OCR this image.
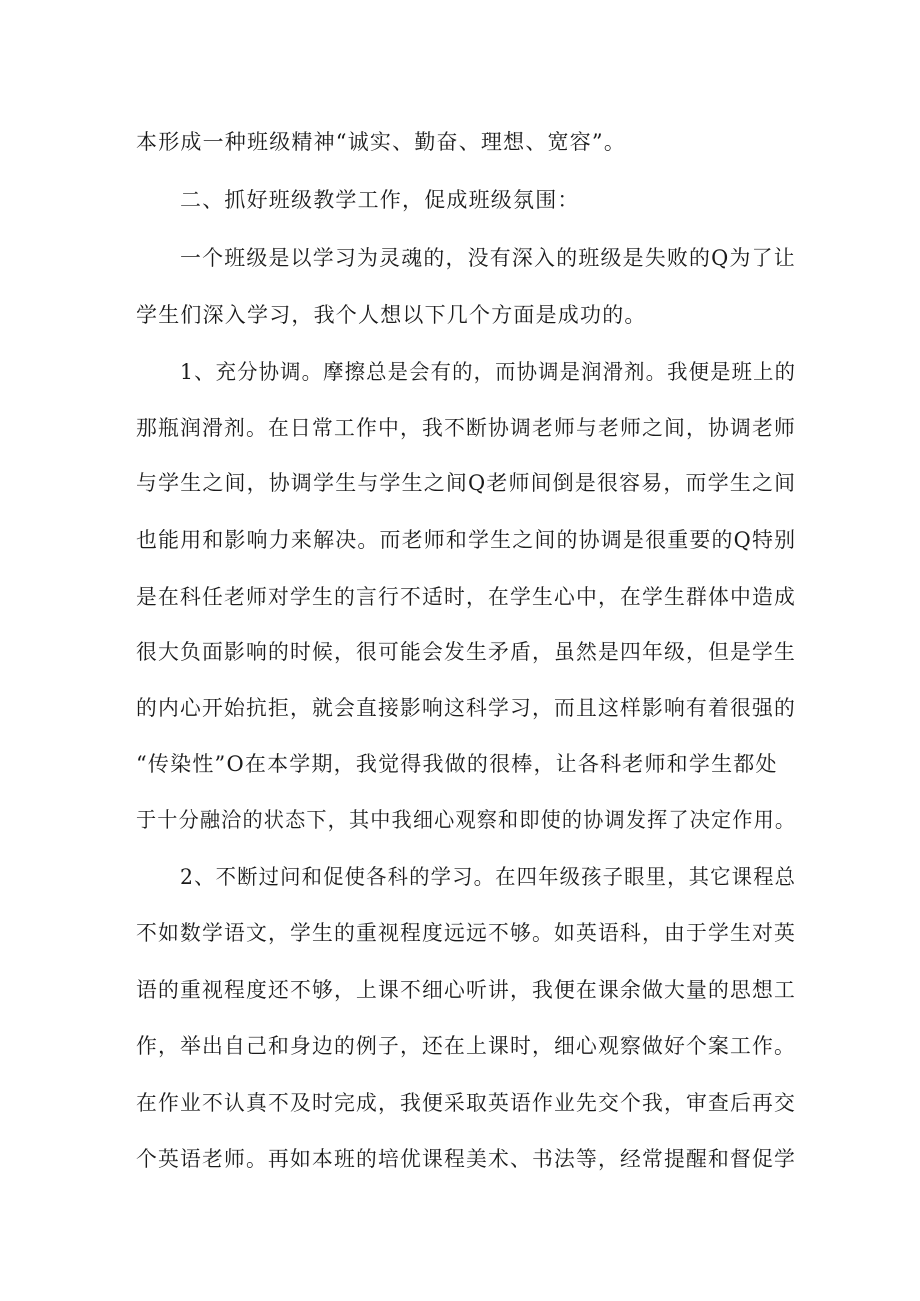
本形成一种班级精神“诚实、勤奋、理想、宽容”。
二、抓好班级教学工作，促成班级氛围：
一个班级是以学习为灵魂的，没有深入的班级是失败的Q为了让
学生们深入学习，我个人想以下几个方面是成功的。
1、充分协调。摩擦总是会有的，而协调是润滑剂。我便是班上的
那瓶润滑剂。在日常工作中，我不断协调老师与老师之间，协调老师
与学生之间，协调学生与学生之间Q老师间倒是很容易，而学生之间
也能用和影响力来解决。而老师和学生之间的协调是很重要的Q特别
是在科任老师对学生的言行不适时，在学生心中，在学生群体中造成
很大负面影响的时候，很可能会发生矛盾，虽然是四年级，但是学生
的内心开始抗拒，就会直接影响这科学习，而且这样影响有着很强的
“传染性”O在本学期，我觉得我做的很棒，让各科老师和学生都处
于十分融洽的状态下，其中我细心观察和即使的协调发挥了决定作用。
2、不断过问和促使各科的学习。在四年级孩子眼里，其它课程总
不如数学语文，学生的重视程度远远不够。如英语科，由于学生对英
语的重视程度还不够，上课不细心听讲，我便在课余做大量的思想工
作，举出自己和身边的例子，还在上课时，细心观察做好个案工作。
在作业不认真不及时完成，我便采取英语作业先交个我，审查后再交
个英语老师。再如本班的培优课程美术、书法等，经常提醒和督促学
